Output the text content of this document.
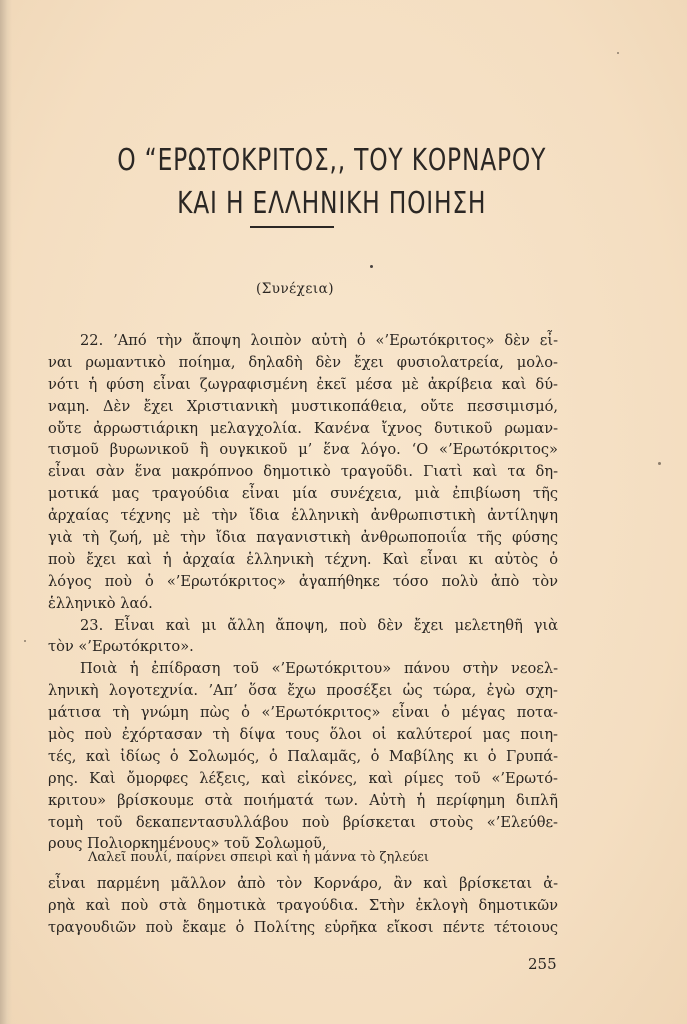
Ο “ΕΡΩΤΟΚΡΙΤΟΣ,, ΤΟΥ ΚΟΡΝΑΡΟΥ
ΚΑΙ Η ΕΛΛΗΝΙΚΗ ΠΟΙΗΣΗ
(Συνέχεια)
22. ’Από τὴν ἄποψη λοιπὸν αὐτὴ ὁ «’Ερωτόκριτος» δὲν εἶ-
ναι ρωμαντικὸ ποίημα, δηλαδὴ δὲν ἔχει φυσιολατρεία, μολο-
νότι ἡ φύση εἶναι ζωγραφισμένη ἐκεῖ μέσα μὲ ἀκρίβεια καὶ δύ-
ναμη. Δὲν ἔχει Χριστιανικὴ μυστικοπάθεια, οὔτε πεσσιμισμό,
οὔτε ἀρρωστιάρικη μελαγχολία. Κανένα ἴχνος δυτικοῦ ρωμαν-
τισμοῦ βυρωνικοῦ ἢ ουγκικοῦ μ’ ἕνα λόγο. ‘Ο «’Ερωτόκριτος»
εἶναι σὰν ἕνα μακρόπνοο δημοτικὸ τραγοῦδι. Γιατὶ καὶ τα δη-
μοτικά μας τραγούδια εἶναι μία συνέχεια, μιὰ ἐπιβίωση τῆς
ἀρχαίας τέχνης μὲ τὴν ἴδια ἑλληνικὴ ἀνθρωπιστικὴ ἀντίληψη
γιὰ τὴ ζωή, μὲ τὴν ἴδια παγανιστικὴ ἀνθρωποποιΐα τῆς φύσης
ποὺ ἔχει καὶ ἡ ἀρχαία ἑλληνικὴ τέχνη. Καὶ εἶναι κι αὐτὸς ὁ
λόγος ποὺ ὁ «’Ερωτόκριτος» ἀγαπήθηκε τόσο πολὺ ἀπὸ τὸν
ἑλληνικὸ λαό.
23. Εἶναι καὶ μι ἄλλη ἄποψη, ποὺ δὲν ἔχει μελετηθῆ γιὰ
τὸν «’Ερωτόκριτο».
Ποιὰ ἡ ἐπίδραση τοῦ «’Ερωτόκριτου» πάνου στὴν νεοελ-
ληνικὴ λογοτεχνία. ’Απ’ ὅσα ἔχω προσέξει ὡς τώρα, ἐγὼ σχη-
μάτισα τὴ γνώμη πὼς ὁ «’Ερωτόκριτος» εἶναι ὁ μέγας ποτα-
μὸς ποὺ ἐχόρτασαν τὴ δίψα τους ὅλοι οἱ καλύτεροί μας ποιη-
τές, καὶ ἰδίως ὁ Σολωμός, ὁ Παλαμᾶς, ὁ Μαβίλης κι ὁ Γρυπά-
ρης. Καὶ ὄμορφες λέξεις, καὶ εἰκόνες, καὶ ρίμες τοῦ «’Ερωτό-
κριτου» βρίσκουμε στὰ ποιήματά των. Αὐτὴ ἡ περίφημη διπλῆ
τομὴ τοῦ δεκαπεντασυλλάβου ποὺ βρίσκεται στοὺς «’Ελεύθε-
ρους Πολιορκημένους» τοῦ Σολωμοῦ,
Λαλεῖ πουλί, παίρνει σπειρὶ καὶ ἡ μάννα τὸ ζηλεύει
εἶναι παρμένη μᾶλλον ἀπὸ τὸν Κορνάρο, ἂν καὶ βρίσκεται ἀ-
ρηὰ καὶ ποὺ στὰ δημοτικὰ τραγούδια. Στὴν ἐκλογὴ δημοτικῶν
τραγουδιῶν ποὺ ἔκαμε ὁ Πολίτης εὑρῆκα εἴκοσι πέντε τέτοιους
255
